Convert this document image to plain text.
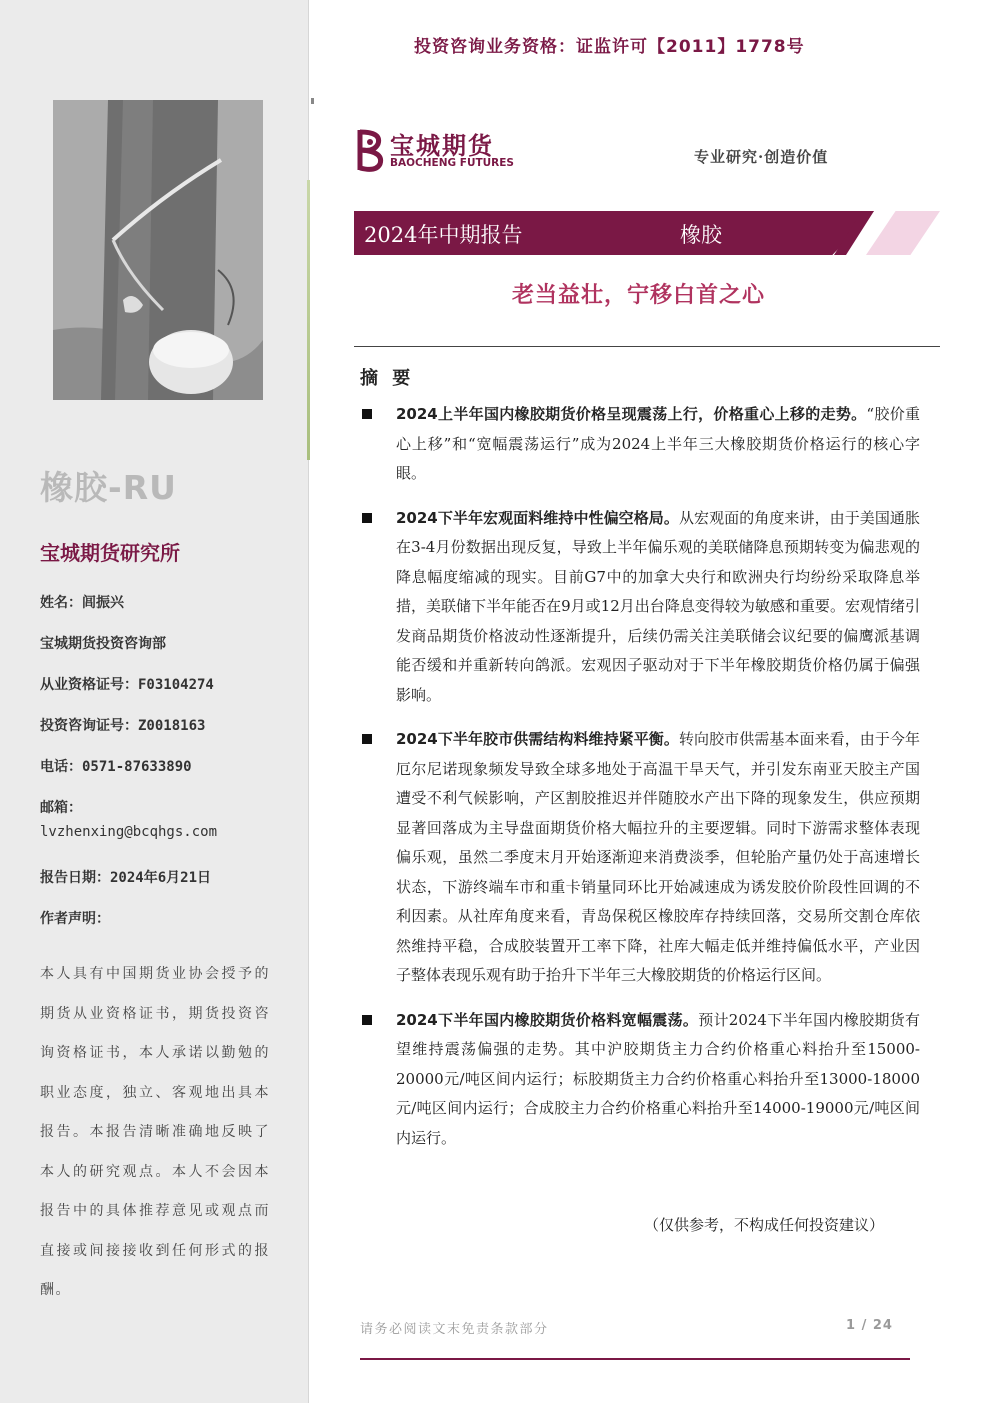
橡胶-RU
宝城期货研究所
姓名：闾振兴
宝城期货投资咨询部
从业资格证号：F03104274
投资咨询证号：Z0018163
电话：0571-87633890
邮箱：
lvzhenxing@bcqhgs.com
报告日期：2024年6月21日
作者声明：
本人具有中国期货业协会授予的期货从业资格证书，期货投资咨询资格证书，本人承诺以勤勉的职业态度，独立、客观地出具本报告。本报告清晰准确地反映了本人的研究观点。本人不会因本报告中的具体推荐意见或观点而直接或间接接收到任何形式的报酬。
投资咨询业务资格：证监许可【2011】1778号
宝城期货
BAOCHENG FUTURES	专业研究·创造价值
2024年中期报告	橡胶
老当益壮，宁移白首之心
摘 要

2024上半年国内橡胶期货价格呈现震荡上行，价格重心上移的走势。“胶价重心上移”和“宽幅震荡运行”成为2024上半年三大橡胶期货价格运行的核心字眼。

2024下半年宏观面料维持中性偏空格局。从宏观面的角度来讲，由于美国通胀在3-4月份数据出现反复，导致上半年偏乐观的美联储降息预期转变为偏悲观的降息幅度缩减的现实。目前G7中的加拿大央行和欧洲央行均纷纷采取降息举措，美联储下半年能否在9月或12月出台降息变得较为敏感和重要。宏观情绪引发商品期货价格波动性逐渐提升，后续仍需关注美联储会议纪要的偏鹰派基调能否缓和并重新转向鸽派。宏观因子驱动对于下半年橡胶期货价格仍属于偏强影响。

2024下半年胶市供需结构料维持紧平衡。转向胶市供需基本面来看，由于今年厄尔尼诺现象频发导致全球多地处于高温干旱天气，并引发东南亚天胶主产国遭受不利气候影响，产区割胶推迟并伴随胶水产出下降的现象发生，供应预期显著回落成为主导盘面期货价格大幅拉升的主要逻辑。同时下游需求整体表现偏乐观，虽然二季度末月开始逐渐迎来消费淡季，但轮胎产量仍处于高速增长状态，下游终端车市和重卡销量同环比开始减速成为诱发胶价阶段性回调的不利因素。从社库角度来看，青岛保税区橡胶库存持续回落，交易所交割仓库依然维持平稳，合成胶装置开工率下降，社库大幅走低并维持偏低水平，产业因子整体表现乐观有助于抬升下半年三大橡胶期货的价格运行区间。

2024下半年国内橡胶期货价格料宽幅震荡。预计2024下半年国内橡胶期货有望维持震荡偏强的走势。其中沪胶期货主力合约价格重心料抬升至15000-20000元/吨区间内运行；标胶期货主力合约价格重心料抬升至13000-18000元/吨区间内运行；合成胶主力合约价格重心料抬升至14000-19000元/吨区间内运行。

（仅供参考，不构成任何投资建议）
请务必阅读文末免责条款部分	1 / 24
